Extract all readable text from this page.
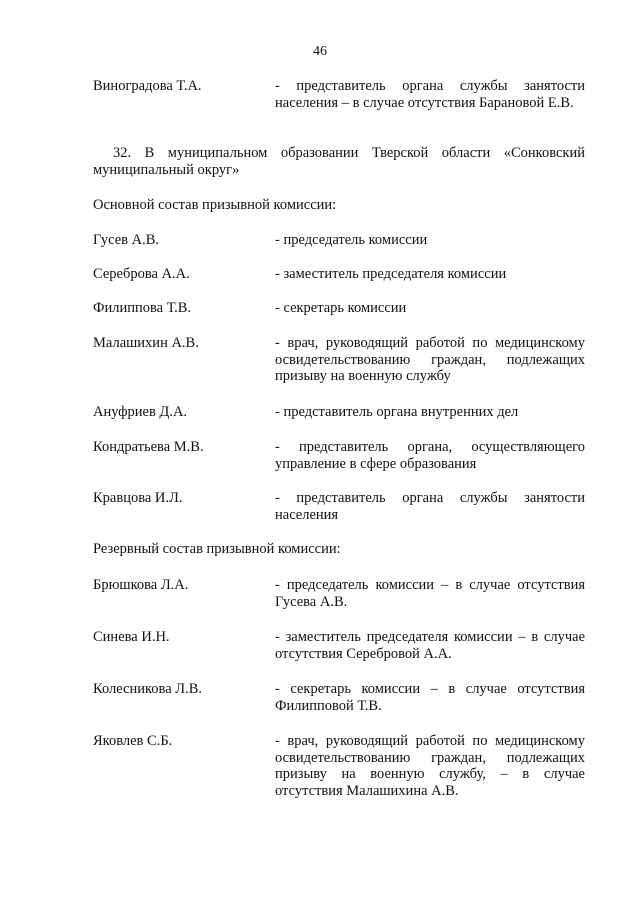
46
Виноградова Т.А.	- представитель органа службы занятости населения – в случае отсутствия Барановой Е.В.
32. В муниципальном образовании Тверской области «Сонковский муниципальный округ»
Основной состав призывной комиссии:
Гусев А.В.	- председатель комиссии
Сереброва А.А.	- заместитель председателя комиссии
Филиппова Т.В.	- секретарь комиссии
Малашихин А.В.	- врач, руководящий работой по медицинскому освидетельствованию граждан, подлежащих призыву на военную службу
Ануфриев Д.А.	- представитель органа внутренних дел
Кондратьева М.В.	- представитель органа, осуществляющего управление в сфере образования
Кравцова И.Л.	- представитель органа службы занятости населения
Резервный состав призывной комиссии:
Брюшкова Л.А.	- председатель комиссии – в случае отсутствия Гусева А.В.
Синева И.Н.	- заместитель председателя комиссии – в случае отсутствия Серебровой А.А.
Колесникова Л.В.	- секретарь комиссии – в случае отсутствия Филипповой Т.В.
Яковлев С.Б.	- врач, руководящий работой по медицинскому освидетельствованию граждан, подлежащих призыву на военную службу, – в случае отсутствия Малашихина А.В.
